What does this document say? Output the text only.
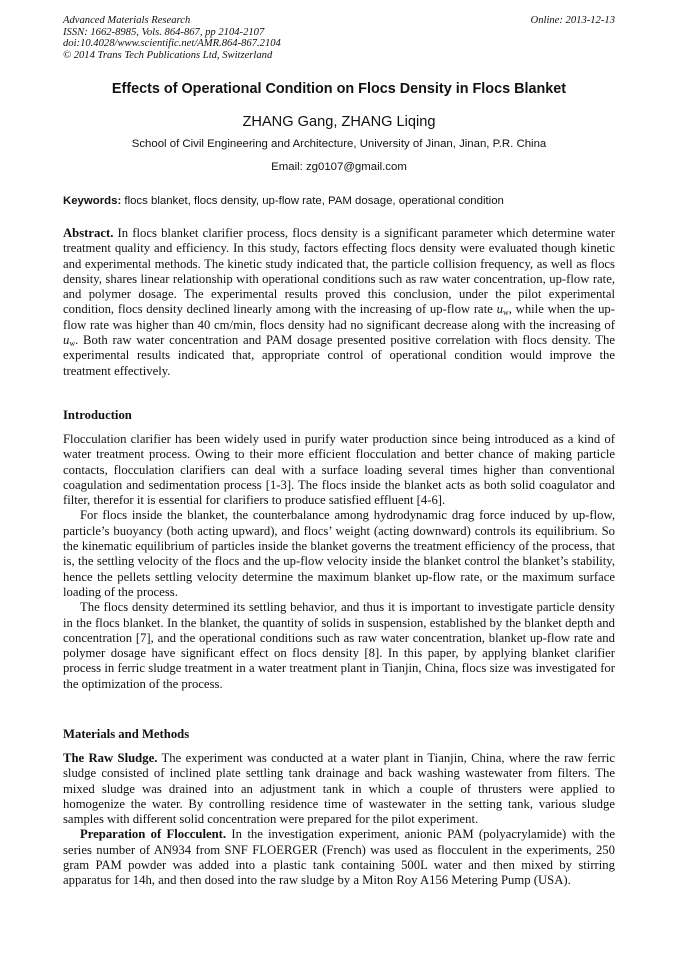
Advanced Materials Research
ISSN: 1662-8985, Vols. 864-867, pp 2104-2107
doi:10.4028/www.scientific.net/AMR.864-867.2104
© 2014 Trans Tech Publications Ltd, Switzerland
Online: 2013-12-13
Effects of Operational Condition on Flocs Density in Flocs Blanket
ZHANG Gang, ZHANG Liqing
School of Civil Engineering and Architecture, University of Jinan, Jinan, P.R. China
Email: zg0107@gmail.com
Keywords: flocs blanket, flocs density, up-flow rate, PAM dosage, operational condition

Abstract. In flocs blanket clarifier process, flocs density is a significant parameter which determine water treatment quality and efficiency. In this study, factors effecting flocs density were evaluated though kinetic and experimental methods. The kinetic study indicated that, the particle collision frequency, as well as flocs density, shares linear relationship with operational conditions such as raw water concentration, up-flow rate, and polymer dosage. The experimental results proved this conclusion, under the pilot experimental condition, flocs density declined linearly among with the increasing of up-flow rate $u_w$, while when the up-flow rate was higher than 40 cm/min, flocs density had no significant decrease along with the increasing of $u_w$. Both raw water concentration and PAM dosage presented positive correlation with flocs density. The experimental results indicated that, appropriate control of operational condition would improve the treatment effectively.

Introduction

Flocculation clarifier has been widely used in purify water production since being introduced as a kind of water treatment process. Owing to their more efficient flocculation and better chance of making particle contacts, flocculation clarifiers can deal with a surface loading several times higher than conventional coagulation and sedimentation process [1-3]. The flocs inside the blanket acts as both solid coagulator and filter, therefor it is essential for clarifiers to produce satisfied effluent [4-6].

For flocs inside the blanket, the counterbalance among hydrodynamic drag force induced by up-flow, particle’s buoyancy (both acting upward), and flocs’ weight (acting downward) controls its equilibrium. So the kinematic equilibrium of particles inside the blanket governs the treatment efficiency of the process, that is, the settling velocity of the flocs and the up-flow velocity inside the blanket control the blanket’s stability, hence the pellets settling velocity determine the maximum blanket up-flow rate, or the maximum surface loading of the process.

The flocs density determined its settling behavior, and thus it is important to investigate particle density in the flocs blanket. In the blanket, the quantity of solids in suspension, established by the blanket depth and concentration [7], and the operational conditions such as raw water concentration, blanket up-flow rate and polymer dosage have significant effect on flocs density [8]. In this paper, by applying blanket clarifier process in ferric sludge treatment in a water treatment plant in Tianjin, China, flocs size was investigated for the optimization of the process.

Materials and Methods

The Raw Sludge. The experiment was conducted at a water plant in Tianjin, China, where the raw ferric sludge consisted of inclined plate settling tank drainage and back washing wastewater from filters. The mixed sludge was drained into an adjustment tank in which a couple of thrusters were applied to homogenize the water. By controlling residence time of wastewater in the setting tank, various sludge samples with different solid concentration were prepared for the pilot experiment.

Preparation of Flocculent. In the investigation experiment, anionic PAM (polyacrylamide) with the series number of AN934 from SNF FLOERGER (French) was used as flocculent in the experiments, 250 gram PAM powder was added into a plastic tank containing 500L water and then mixed by stirring apparatus for 14h, and then dosed into the raw sludge by a Miton Roy A156 Metering Pump (USA).
